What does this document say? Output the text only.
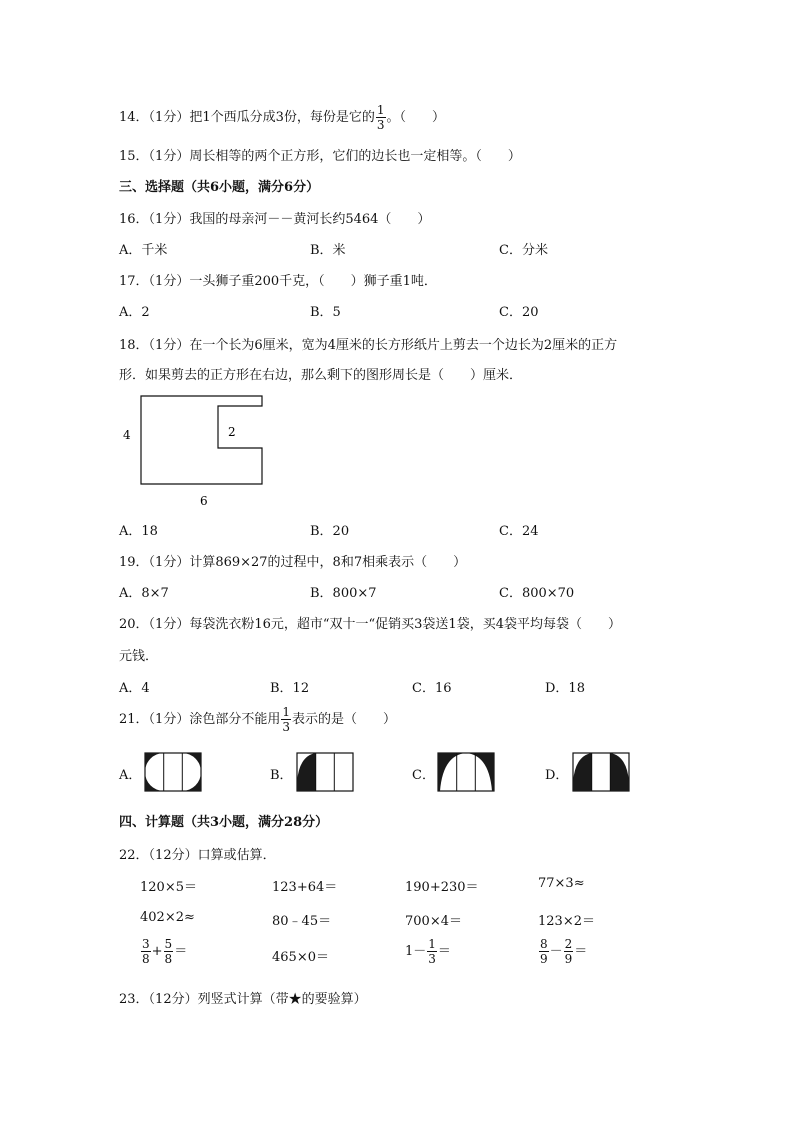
14．（1分）把1个西瓜分成3份，每份是它的 $\frac{1}{3}$ 。（　　）
15．（1分）周长相等的两个正方形，它们的边长也一定相等。（　　）
三、选择题（共6小题，满分6分）
16．（1分）我国的母亲河－－黄河长约5464（　　）
A．千米	B．米	C．分米
17．（1分）一头狮子重200千克，（　　）狮子重1吨．
A．2	B．5	C．20
18．（1分）在一个长为6厘米，宽为4厘米的长方形纸片上剪去一个边长为2厘米的正方
形．如果剪去的正方形在右边，那么剩下的图形周长是（　　）厘米．
4	2
6
A．18	B．20	C．24
19．（1分）计算869×27的过程中，8和7相乘表示（　　）
A．8×7	B．800×7	C．800×70
20．（1分）每袋洗衣粉16元，超市“双十一“促销买3袋送1袋，买4袋平均每袋（　　）
元钱．
A．4	B．12	C．16	D．18
21．（1分）涂色部分不能用 $\frac{1}{3}$ 表示的是（　　）
A．	B．	C．	D．
四、计算题（共3小题，满分28分）
22．（12分）口算或估算．
120×5＝	123+64＝	190+230＝	77×3≈
402×2≈	80﹣45＝	700×4＝	123×2＝
$\frac{3}{8} + \frac{5}{8}$ ＝	465×0＝	$1- \frac{1}{3}$ ＝	$\frac{8}{9} - \frac{2}{9}$ ＝
23．（12分）列竖式计算（带★的要验算）
